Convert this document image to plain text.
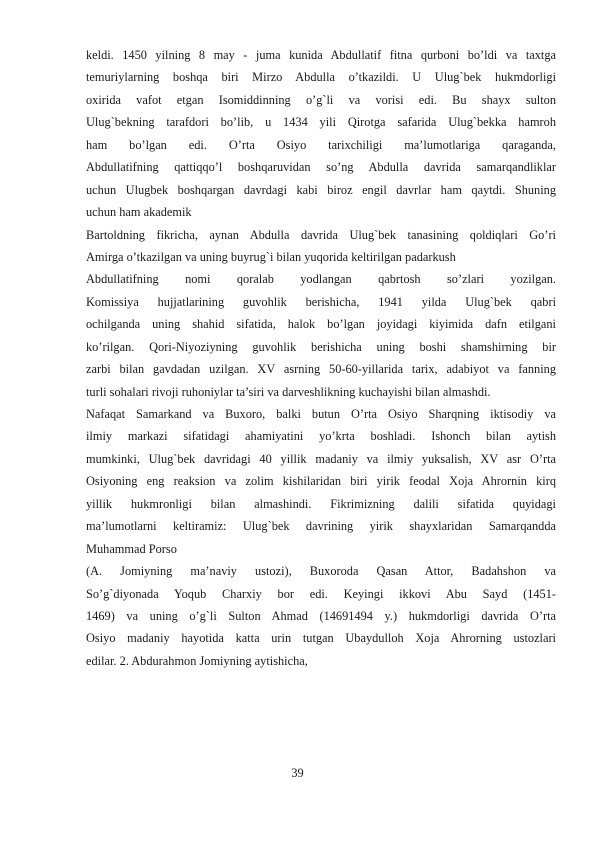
keldi. 1450 yilning 8 may - juma kunida Abdullatif fitna qurboni bo’ldi va taxtga
temuriylarning boshqa biri Mirzo Abdulla o’tkazildi. U Ulug`bek hukmdorligi
oxirida vafot etgan Isomiddinning o’g`li va vorisi edi. Bu shayx sulton
Ulug`bekning tarafdori bo’lib, u 1434 yili Qirotga safarida Ulug`bekka hamroh
ham bo’lgan edi. O’rta Osiyo tarixchiligi ma’lumotlariga qaraganda,
Abdullatifning qattiqqo’l boshqaruvidan so’ng Abdulla davrida samarqandliklar
uchun Ulugbek boshqargan davrdagi kabi biroz engil davrlar ham qaytdi. Shuning
uchun ham akademik
Bartoldning fikricha, aynan Abdulla davrida Ulug`bek tanasining qoldiqlari Go’ri
Amirga o’tkazilgan va uning buyrug`i bilan yuqorida keltirilgan padarkush
Abdullatifning nomi qoralab yodlangan qabrtosh so’zlari yozilgan.
Komissiya hujjatlarining guvohlik berishicha, 1941 yilda Ulug`bek qabri
ochilganda uning shahid sifatida, halok bo’lgan joyidagi kiyimida dafn etilgani
ko’rilgan. Qori-Niyoziyning guvohlik berishicha uning boshi shamshirning bir
zarbi bilan gavdadan uzilgan. XV asrning 50-60-yillarida tarix, adabiyot va fanning
turli sohalari rivoji ruhoniylar ta’siri va darveshlikning kuchayishi bilan almashdi.
Nafaqat Samarkand va Buxoro, balki butun O’rta Osiyo Sharqning iktisodiy va
ilmiy markazi sifatidagi ahamiyatini yo’krta boshladi. Ishonch bilan aytish
mumkinki, Ulug`bek davridagi 40 yillik madaniy va ilmiy yuksalish, XV asr O’rta
Osiyoning eng reaksion va zolim kishilaridan biri yirik feodal Xoja Ahrornin kirq
yillik hukmronligi bilan almashindi. Fikrimizning dalili sifatida quyidagi
ma’lumotlarni keltiramiz: Ulug`bek davrining yirik shayxlaridan Samarqandda
Muhammad Porso
(A. Jomiyning ma’naviy ustozi), Buxoroda Qasan Attor, Badahshon va
So’g`diyonada Yoqub Charxiy bor edi. Keyingi ikkovi Abu Sayd (1451-
1469) va uning o’g`li Sulton Ahmad (14691494 y.) hukmdorligi davrida O’rta
Osiyo madaniy hayotida katta urin tutgan Ubaydulloh Xoja Ahrorning ustozlari
edilar. 2. Abdurahmon Jomiyning aytishicha,
39
